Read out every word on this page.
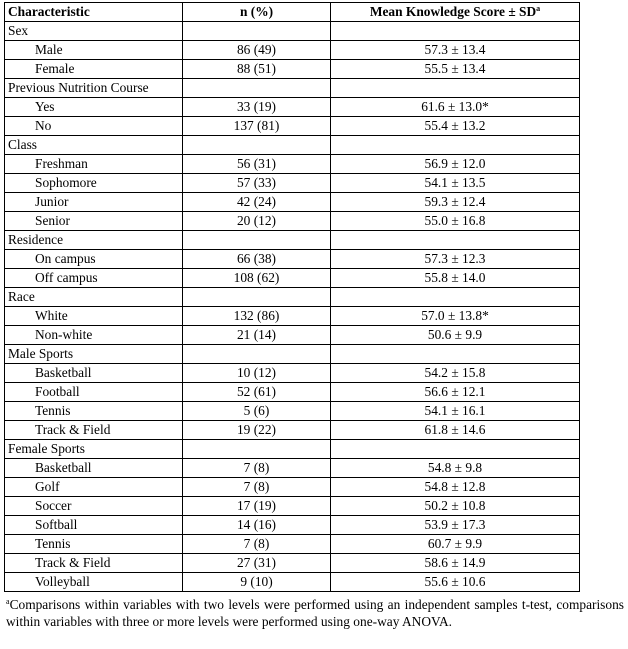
Characteristic	n (%)	Mean Knowledge Score ± $SD^a$
Sex		
Male	86 (49)	57.3 ± 13.4
Female	88 (51)	55.5 ± 13.4
Previous Nutrition Course		
Yes	33 (19)	61.6 ± 13.0*
No	137 (81)	55.4 ± 13.2
Class		
Freshman	56 (31)	56.9 ± 12.0
Sophomore	57 (33)	54.1 ± 13.5
Junior	42 (24)	59.3 ± 12.4
Senior	20 (12)	55.0 ± 16.8
Residence		
On campus	66 (38)	57.3 ± 12.3
Off campus	108 (62)	55.8 ± 14.0
Race		
White	132 (86)	57.0 ± 13.8*
Non-white	21 (14)	50.6 ± 9.9
Male Sports		
Basketball	10 (12)	54.2 ± 15.8
Football	52 (61)	56.6 ± 12.1
Tennis	5 (6)	54.1 ± 16.1
Track & Field	19 (22)	61.8 ± 14.6
Female Sports		
Basketball	7 (8)	54.8 ± 9.8
Golf	7 (8)	54.8 ± 12.8
Soccer	17 (19)	50.2 ± 10.8
Softball	14 (16)	53.9 ± 17.3
Tennis	7 (8)	60.7 ± 9.9
Track & Field	27 (31)	58.6 ± 14.9
Volleyball	9 (10)	55.6 ± 10.6
$^a$Comparisons within variables with two levels were performed using an independent samples t-test, comparisons within variables with three or more levels were performed using one-way ANOVA.
